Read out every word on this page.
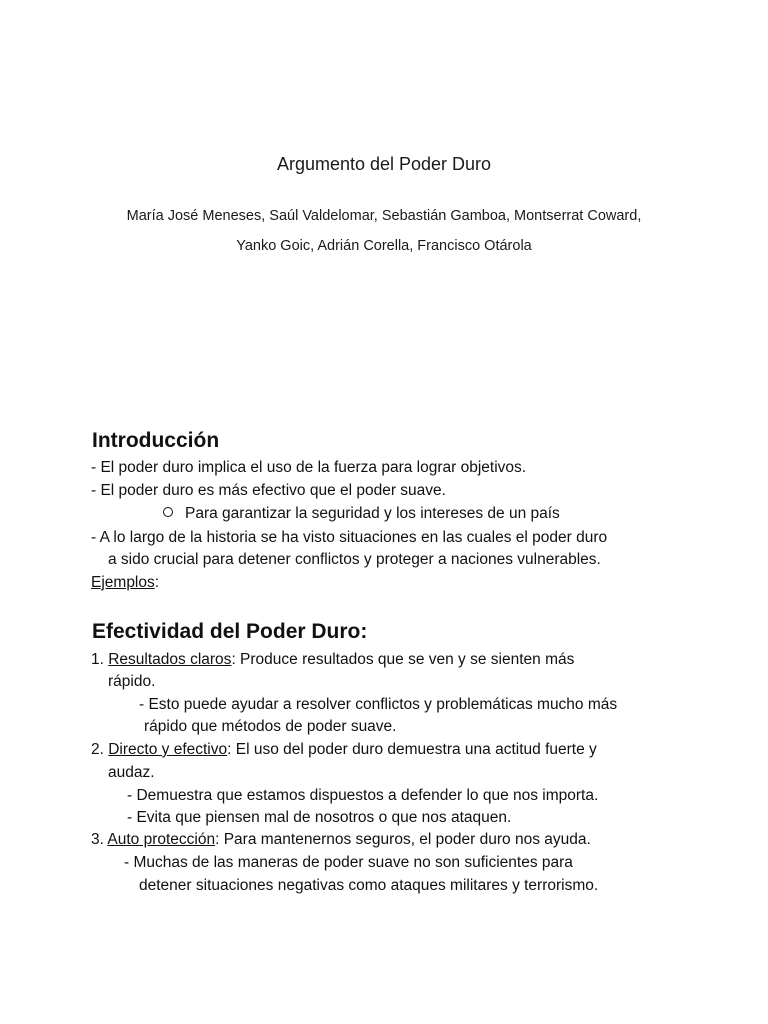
Argumento del Poder Duro
María José Meneses, Saúl Valdelomar, Sebastián Gamboa, Montserrat Coward,
Yanko Goic, Adrián Corella, Francisco Otárola
Introducción
- El poder duro implica el uso de la fuerza para lograr objetivos.
- El poder duro es más efectivo que el poder suave.
Para garantizar la seguridad y los intereses de un país
- A lo largo de la historia se ha visto situaciones en las cuales el poder duro
a sido crucial para detener conflictos y proteger a naciones vulnerables.
Ejemplos:
Efectividad del Poder Duro:
1. Resultados claros: Produce resultados que se ven y se sienten más
rápido.
- Esto puede ayudar a resolver conflictos y problemáticas mucho más
rápido que métodos de poder suave.
2. Directo y efectivo: El uso del poder duro demuestra una actitud fuerte y
audaz.
- Demuestra que estamos dispuestos a defender lo que nos importa.
- Evita que piensen mal de nosotros o que nos ataquen.
3. Auto protección: Para mantenernos seguros, el poder duro nos ayuda.
- Muchas de las maneras de poder suave no son suficientes para
detener situaciones negativas como ataques militares y terrorismo.
